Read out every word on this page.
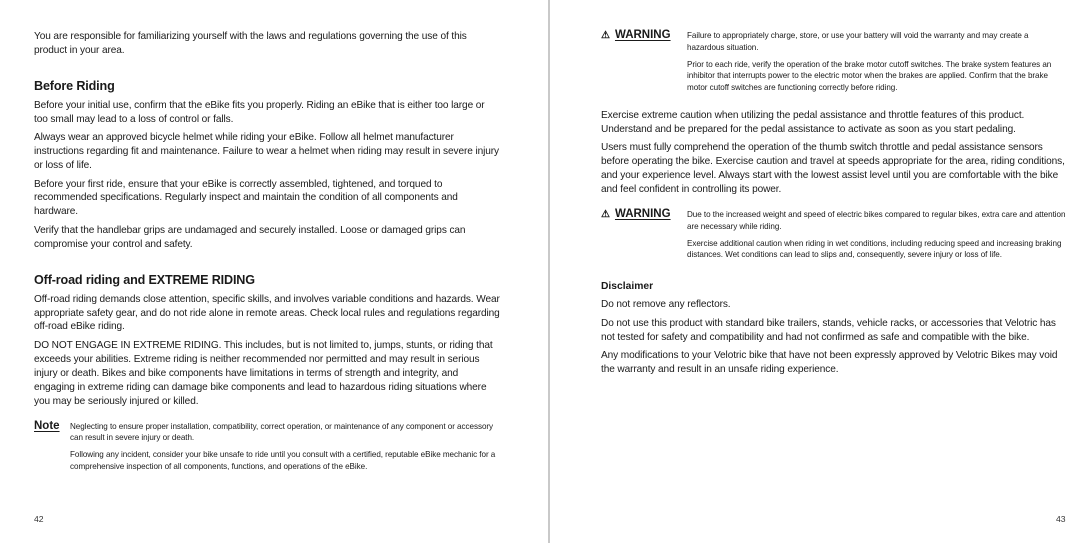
You are responsible for familiarizing yourself with the laws and regulations governing the use of this product in your area.

Before Riding

Before your initial use, confirm that the eBike fits you properly. Riding an eBike that is either too large or too small may lead to a loss of control or falls.

Always wear an approved bicycle helmet while riding your eBike. Follow all helmet manufacturer instructions regarding fit and maintenance. Failure to wear a helmet when riding may result in severe injury or loss of life.

Before your first ride, ensure that your eBike is correctly assembled, tightened, and torqued to recommended specifications. Regularly inspect and maintain the condition of all components and hardware.

Verify that the handlebar grips are undamaged and securely installed. Loose or damaged grips can compromise your control and safety.

Off-road riding and EXTREME RIDING

Off-road riding demands close attention, specific skills, and involves variable conditions and hazards. Wear appropriate safety gear, and do not ride alone in remote areas. Check local rules and regulations regarding off-road eBike riding.

DO NOT ENGAGE IN EXTREME RIDING. This includes, but is not limited to, jumps, stunts, or riding that exceeds your abilities. Extreme riding is neither recommended nor permitted and may result in serious injury or death. Bikes and bike components have limitations in terms of strength and integrity, and engaging in extreme riding can damage bike components and lead to hazardous riding situations where you may be seriously injured or killed.

Note Neglecting to ensure proper installation, compatibility, correct operation, or maintenance of any component or accessory can result in severe injury or death.

Following any incident, consider your bike unsafe to ride until you consult with a certified, reputable eBike mechanic for a comprehensive inspection of all components, functions, and operations of the eBike.

42
⚠ WARNING Failure to appropriately charge, store, or use your battery will void the warranty and may create a hazardous situation.

Prior to each ride, verify the operation of the brake motor cutoff switches. The brake system features an inhibitor that interrupts power to the electric motor when the brakes are applied. Confirm that the brake motor cutoff switches are functioning correctly before riding.

Exercise extreme caution when utilizing the pedal assistance and throttle features of this product. Understand and be prepared for the pedal assistance to activate as soon as you start pedaling.

Users must fully comprehend the operation of the thumb switch throttle and pedal assistance sensors before operating the bike. Exercise caution and travel at speeds appropriate for the area, riding conditions, and your experience level. Always start with the lowest assist level until you are comfortable with the bike and feel confident in controlling its power.

⚠ WARNING Due to the increased weight and speed of electric bikes compared to regular bikes, extra care and attention are necessary while riding.

Exercise additional caution when riding in wet conditions, including reducing speed and increasing braking distances. Wet conditions can lead to slips and, consequently, severe injury or loss of life.

Disclaimer

Do not remove any reflectors.

Do not use this product with standard bike trailers, stands, vehicle racks, or accessories that Velotric has not tested for safety and compatibility and had not confirmed as safe and compatible with the bike.

Any modifications to your Velotric bike that have not been expressly approved by Velotric Bikes may void the warranty and result in an unsafe riding experience.

43
